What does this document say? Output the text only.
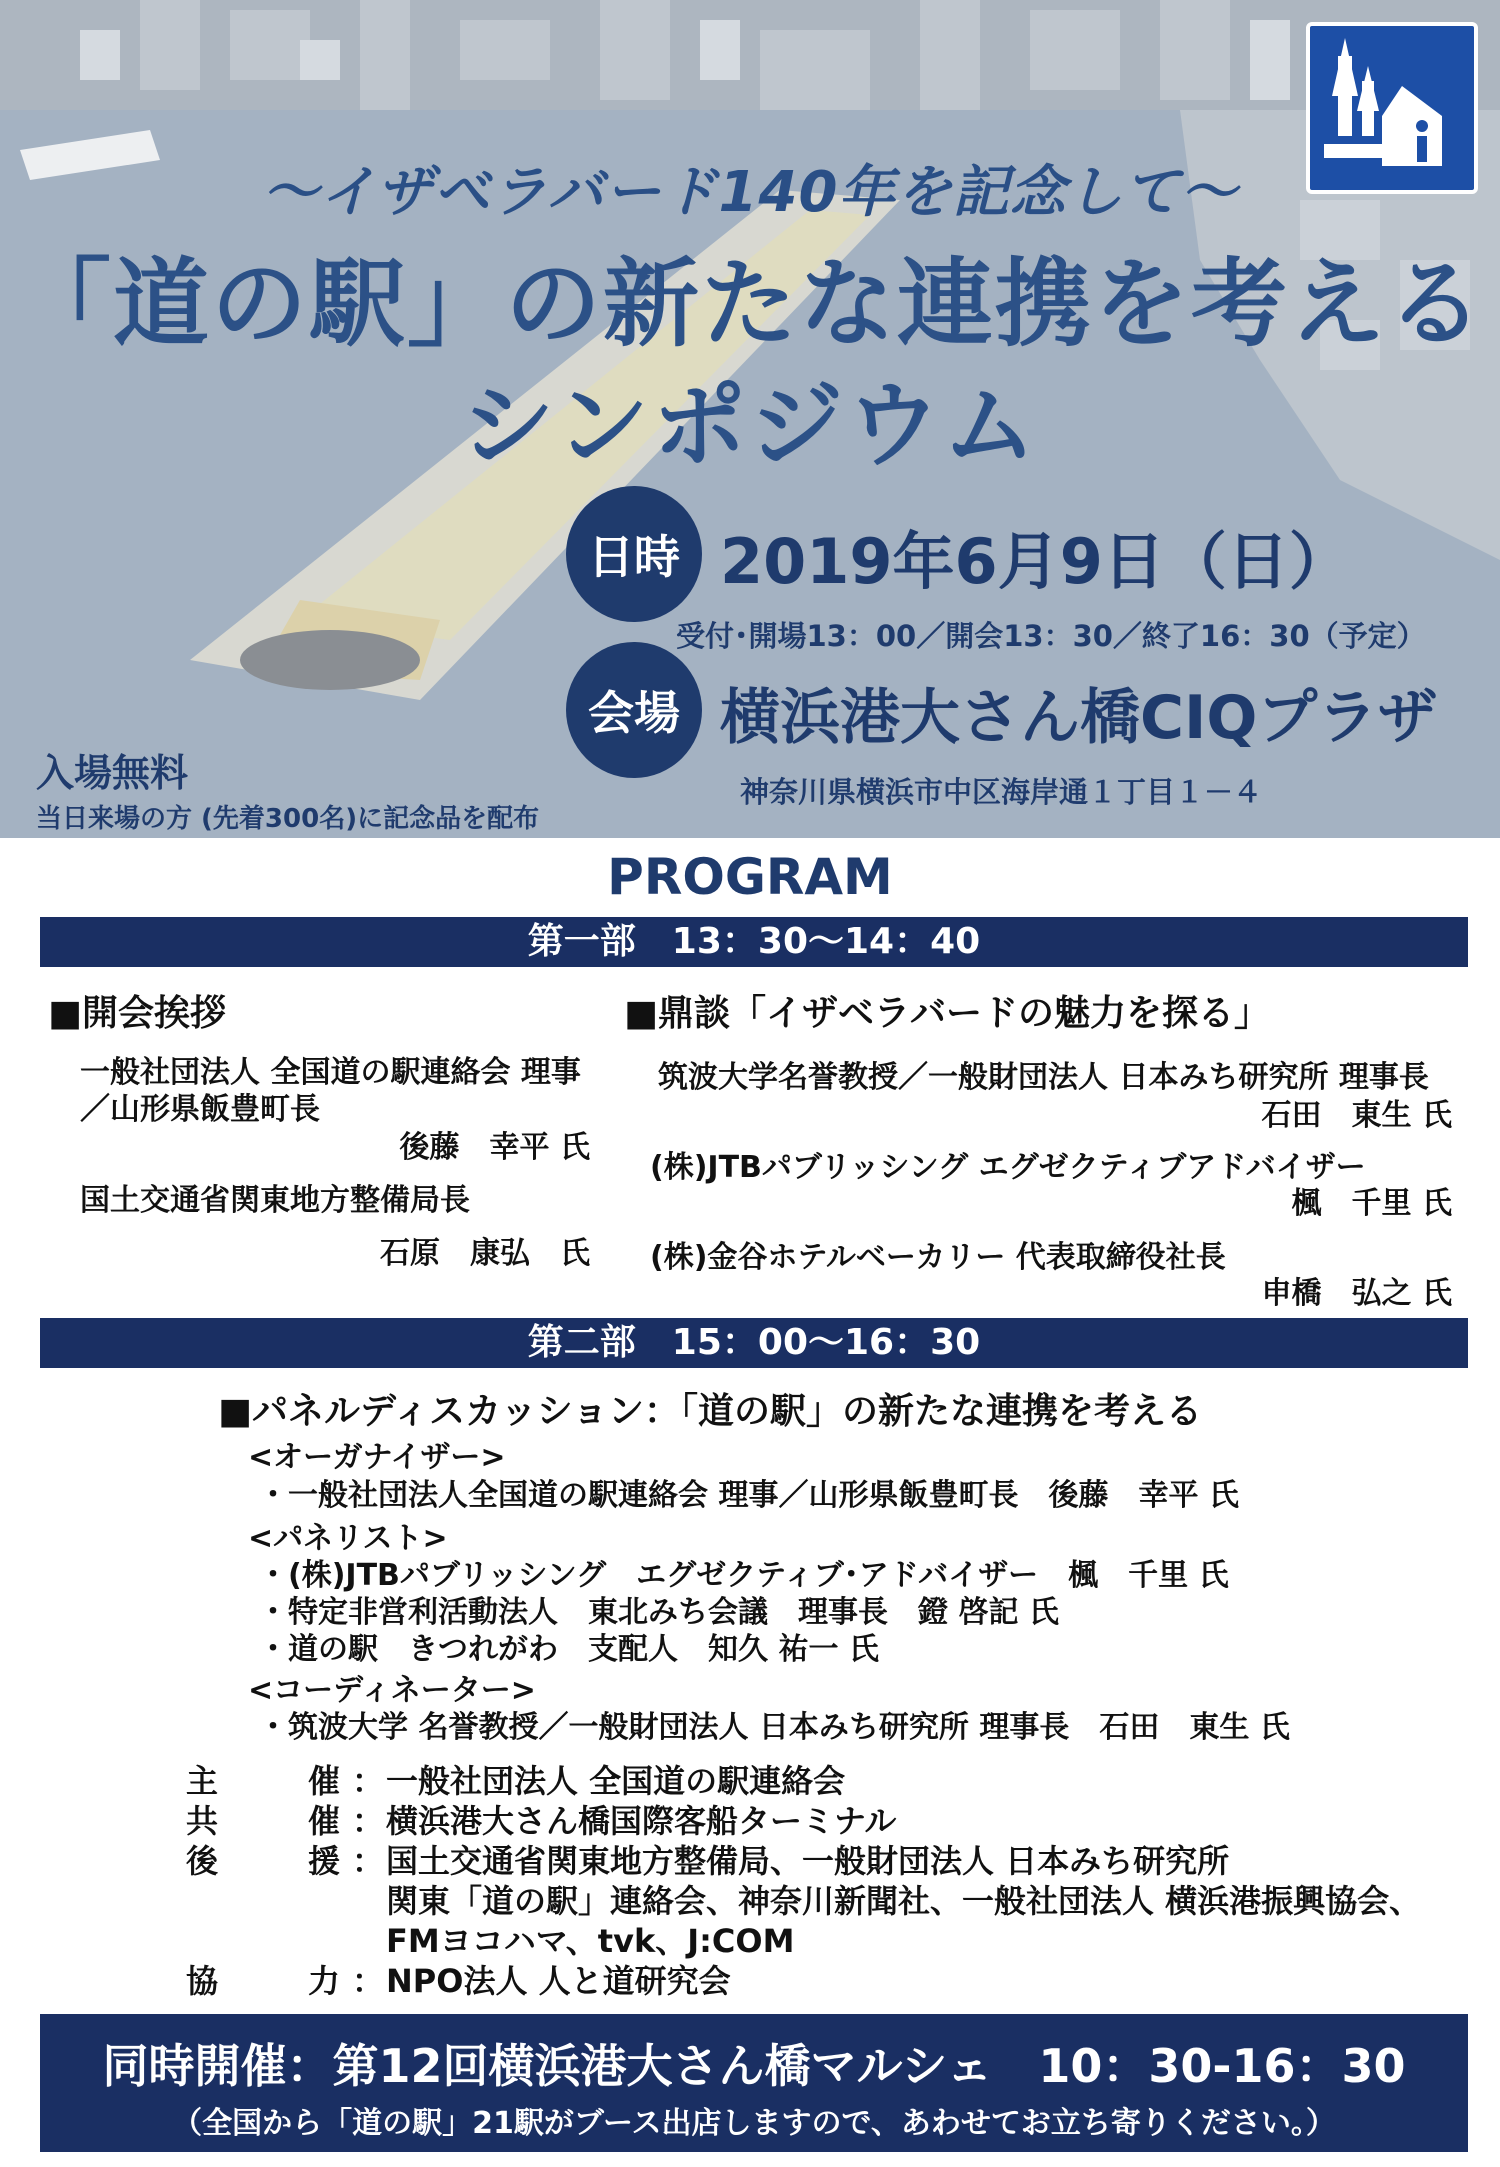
～イザベラバード140年を記念して～
「道の駅」の新たな連携を考える
シンポジウム
日時 2019年6月9日（日）
受付･開場13：00／開会13：30／終了16：30（予定）
会場 横浜港大さん橋CIQプラザ
神奈川県横浜市中区海岸通１丁目１－４
入場無料
当日来場の方 (先着300名)に記念品を配布
PROGRAM
第一部　13：30～14：40
■開会挨拶
一般社団法人 全国道の駅連絡会 理事
／山形県飯豊町長
後藤　幸平 氏
国土交通省関東地方整備局長
石原　康弘　氏
■鼎談「イザベラバードの魅力を探る」
筑波大学名誉教授／一般財団法人 日本みち研究所 理事長
石田　東生 氏
(株)JTBパブリッシング エグゼクティブアドバイザー
楓　千里 氏
(株)金谷ホテルベーカリー 代表取締役社長
申橋　弘之 氏
第二部　15：00～16：30
■パネルディスカッション：「道の駅」の新たな連携を考える
<オーガナイザー>
・一般社団法人全国道の駅連絡会 理事／山形県飯豊町長　後藤　幸平 氏
<パネリスト>
・(株)JTBパブリッシング　エグゼクティブ･アドバイザー　楓　千里 氏
・特定非営利活動法人　東北みち会議　理事長　鐙 啓記 氏
・道の駅　きつれがわ　支配人　知久 祐一 氏
<コーディネーター>
・筑波大学 名誉教授／一般財団法人 日本みち研究所 理事長　石田　東生 氏
主	催 ： 一般社団法人 全国道の駅連絡会
共	催 ： 横浜港大さん橋国際客船ターミナル
後	援 ： 国土交通省関東地方整備局、一般財団法人 日本みち研究所
関東「道の駅」連絡会、神奈川新聞社、一般社団法人 横浜港振興協会、
FMヨコハマ、tvk、J:COM
協	力 ： NPO法人 人と道研究会
同時開催：第12回横浜港大さん橋マルシェ　10：30-16：30
（全国から「道の駅」21駅がブース出店しますので、あわせてお立ち寄りください。）
